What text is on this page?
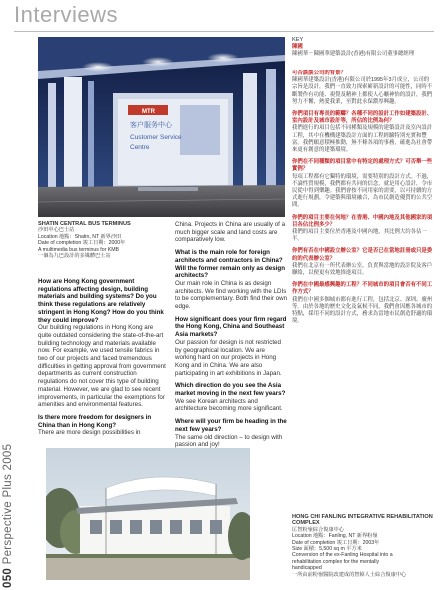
Interviews
050 Perspective Plus 2005
MTR
客户服务中心
Customer Service
Centre
SHATIN CENTRAL BUS TERMINUS
沙田中心巴士站
Location 地點：Shatin, NT 新界沙田
Date of completion 竣工日期：2000年
A multimedia bus terminus for KMB
一個為九巴設計的多媒體巴士站
KEY
陳國
陳國華－陳國華建築設計(香港)有限公司董事總經理

How are Hong Kong government regulations affecting design, building materials and building systems? Do you think these regulations are relatively stringent in Hong Kong? How do you think they could improve?
Our building regulations in Hong Kong are quite outdated considering the state-of-the-art building technology and materials available now. For example, we used tensile fabrics in two of our projects and faced tremendous difficulties in getting approval from government departments as current construction regulations do not cover this type of building material. However, we are glad to see recent improvements, in particular the exemptions for amenities and environmental features.

Is there more freedom for designers in China than in Hong Kong?
There are more design possibilities in

China. Projects in China are usually of a much bigger scale and land costs are comparatively low.

What is the main role for foreign architects and contractors in China? Will the former remain only as design architects?
Our main role in China is as design architects. We find working with the LDIs to be complementary. Both find their own edge.

How significant does your firm regard the Hong Kong, China and Southeast Asia markets?
Our passion for design is not restricted by geographical location. We are working hard on our projects in Hong Kong and in China. We are also participating in art exhibitions in Japan.

Which direction do you see the Asia market moving in the next few years?
We see Korean architects and architecture becoming more significant.

Where will your firm be heading in the next few years?
The same old direction – to design with passion and joy!

可否談談公司的背景？
陳國華建築設計(香港)有限公司於1995年3月成立，公司的宗旨是設計，我們一直致力探索嶄新設計的可能性，同時不斷製作有功能、視覺及精神上都使人心曠神怡的設計，我們努力不懈，熱愛我業，至對此永保濃厚興趣。

你們項目有專長的範疇？各種不同的設計工作如建築設計、室內設計及城市設計等，所佔的比例為何？
我們進行的項目包括不同種類及規模的建築設計及室內設計工程，其中在機構建築設計方面的工程經驗特別充實和豐富。我們願意積極推動，無不條各項的事務，確進為社會帶來更有創意的建築環境。

你們在不同種類的項目當中有特定的處理方式？可否舉一些實例？
每項工程都有它獨特的環境，需要特別的設計方式。不過，不論性質規模，我們都有共同的信念，就是用心設計，令市民從中得到樂趣。我們會按不同用家的需要，以可持續的方式進行規劃，令建築與環境融合，為市民創造優質的公共空間。

你們的項目主要在何地？在香港、中國內地及其他國家的項目各佔比例多少？
我們的項目主要位於香港及中國內地，其比例大約各佔一半。

你們有否在中國設立辦公室？它是否已在當地註冊或只是委約的代表辦公室？
我們在北京有一所代表辦公室，負責與當地的設計院及客戶聯絡，以便更有效地推進項目。

你們在中國最感興趣的工程？不同城市的項目會否有不同工作方式？
我們在中國多個城市都有進行工程，包括北京、深圳、廣州等。由於各地的歷史文化及氣候不同，我們會因應各城市的特點，採用不同的設計方式，務求為當地市民創造舒適的環境。

HONG CHI FANLING INTEGRATIVE REHABILITATION COMPLEX
匡智粉嶺綜合復康中心
Location 地點：Fanling, NT 新界粉嶺
Date of completion 竣工日期：2003年
Size 面積：5,500 sq m 平方米
Conversion of the ex-Fanling Hospital into a
rehabilitation complex for the mentally
handicapped
一所由前粉嶺醫院改建成的智障人士綜合復康中心
